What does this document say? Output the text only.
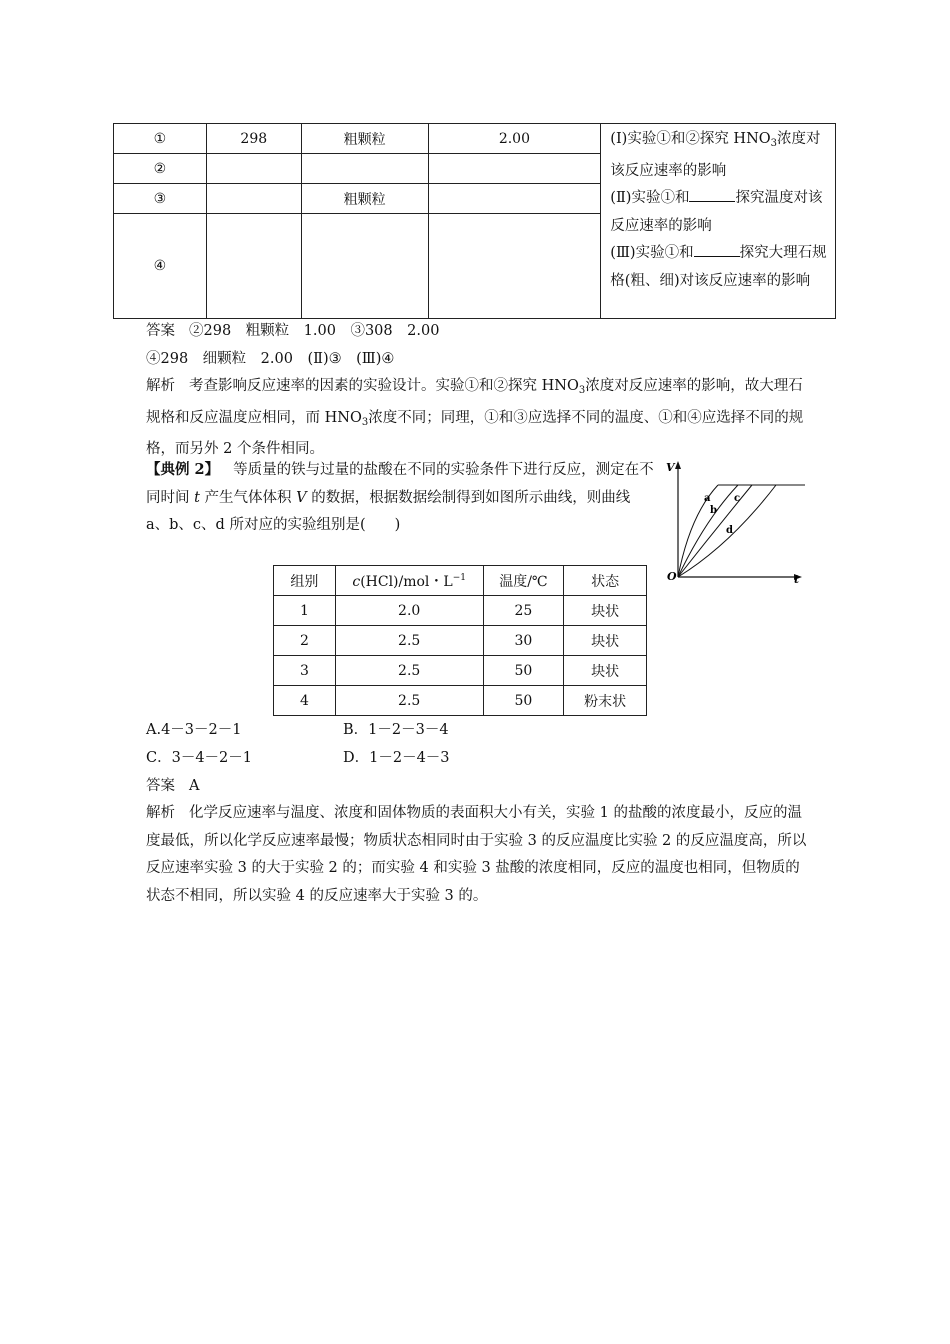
①	298	粗颗粒	2.00	(Ⅰ)实验①和②探究 $HNO_3$浓度对该反应速率的影响
(Ⅱ)实验①和 探究温度对该反应速率的影响
(Ⅲ)实验①和 探究大理石规格(粗、细)对该反应速率的影响

②				
③		粗颗粒		
④				
答案 ②298　粗颗粒　1.00　③308　2.00
④298　细颗粒　2.00　(Ⅱ)③　(Ⅲ)④
解析 考查影响反应速率的因素的实验设计。实验①和②探究 $HNO_3$浓度对反应速率的影响，故大理石规格和反应温度应相同，而 $HNO_3$浓度不同；同理，①和③应选择不同的温度、①和④应选择不同的规格，而另外 2 个条件相同。
【典例 2】 等质量的铁与过量的盐酸在不同的实验条件下进行反应，测定在不同时间 t 产生气体体积 V 的数据，根据数据绘制得到如图所示曲线，则曲线 a、b、c、d 所对应的实验组别是(　　)
V
t
O
a
b
c
d
组别	c(HCl)/mol・$L^{-1}$	温度/℃	状态
1	2.0	25	块状
2	2.5	30	块状
3	2.5	50	块状
4	2.5	50	粉末状
A.4－3－2－1	B．1－2－3－4
C．3－4－2－1	D．1－2－4－3
答案 A
解析 化学反应速率与温度、浓度和固体物质的表面积大小有关，实验 1 的盐酸的浓度最小，反应的温度最低，所以化学反应速率最慢；物质状态相同时由于实验 3 的反应温度比实验 2 的反应温度高，所以反应速率实验 3 的大于实验 2 的；而实验 4 和实验 3 盐酸的浓度相同，反应的温度也相同，但物质的状态不相同，所以实验 4 的反应速率大于实验 3 的。
